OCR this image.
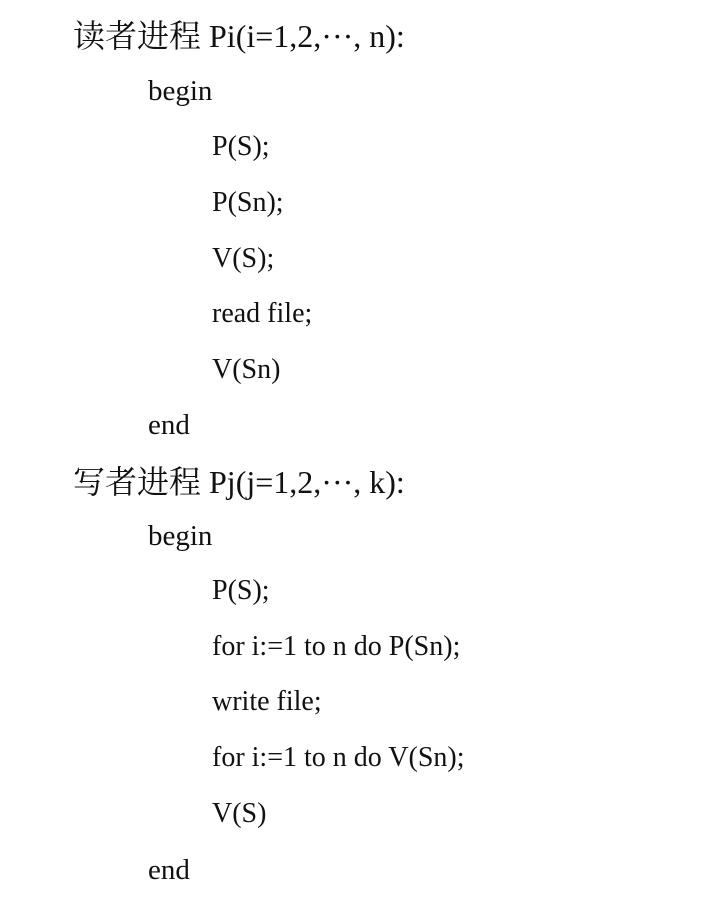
读者进程 Pi(i=1,2,···, n):
begin
P(S);
P(Sn);
V(S);
read file;
V(Sn)
end
写者进程 Pj(j=1,2,···, k):
begin
P(S);
for i:=1 to n do P(Sn);
write file;
for i:=1 to n do V(Sn);
V(S)
end
